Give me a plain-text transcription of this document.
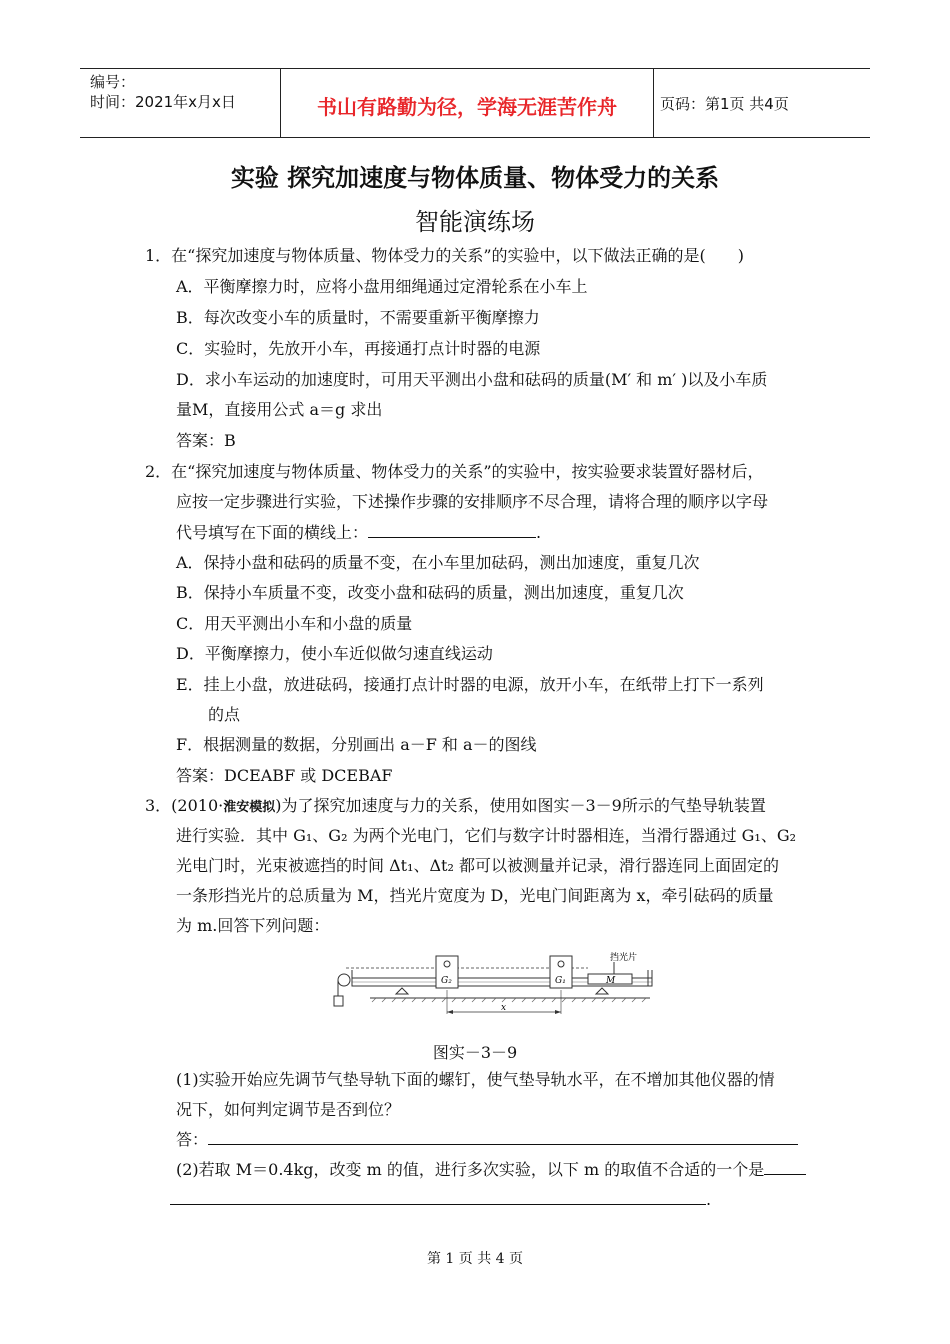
编号：
时间：2021年x月x日	书山有路勤为径，学海无涯苦作舟	页码：第1页 共4页
实验 探究加速度与物体质量、物体受力的关系
智能演练场
1．在“探究加速度与物体质量、物体受力的关系”的实验中，以下做法正确的是(　　)
A．平衡摩擦力时，应将小盘用细绳通过定滑轮系在小车上
B．每次改变小车的质量时，不需要重新平衡摩擦力
C．实验时，先放开小车，再接通打点计时器的电源
D．求小车运动的加速度时，可用天平测出小盘和砝码的质量(M′ 和 m′ )以及小车质
量M，直接用公式 a＝g 求出
答案：B
2．在“探究加速度与物体质量、物体受力的关系”的实验中，按实验要求装置好器材后，
应按一定步骤进行实验，下述操作步骤的安排顺序不尽合理，请将合理的顺序以字母
代号填写在下面的横线上：	.
A．保持小盘和砝码的质量不变，在小车里加砝码，测出加速度，重复几次
B．保持小车质量不变，改变小盘和砝码的质量，测出加速度，重复几次
C．用天平测出小车和小盘的质量
D．平衡摩擦力，使小车近似做匀速直线运动
E．挂上小盘，放进砝码，接通打点计时器的电源，放开小车，在纸带上打下一系列
的点
F．根据测量的数据，分别画出 a－F 和 a－的图线
答案：DCEABF 或 DCEBAF
3．(2010·淮安模拟)为了探究加速度与力的关系，使用如图实－3－9所示的气垫导轨装置
进行实验．其中 G₁、G₂ 为两个光电门，它们与数字计时器相连，当滑行器通过 G₁、G₂
光电门时，光束被遮挡的时间 Δt₁、Δt₂ 都可以被测量并记录，滑行器连同上面固定的
一条形挡光片的总质量为 M，挡光片宽度为 D，光电门间距离为 x，牵引砝码的质量
为 m.回答下列问题：
G₂	G₁	M
挡光片
x
图实－3－9
(1)实验开始应先调节气垫导轨下面的螺钉，使气垫导轨水平，在不增加其他仪器的情
况下，如何判定调节是否到位？
答：
(2)若取 M＝0.4kg，改变 m 的值，进行多次实验，以下 m 的取值不合适的一个是
.
第 1 页 共 4 页
